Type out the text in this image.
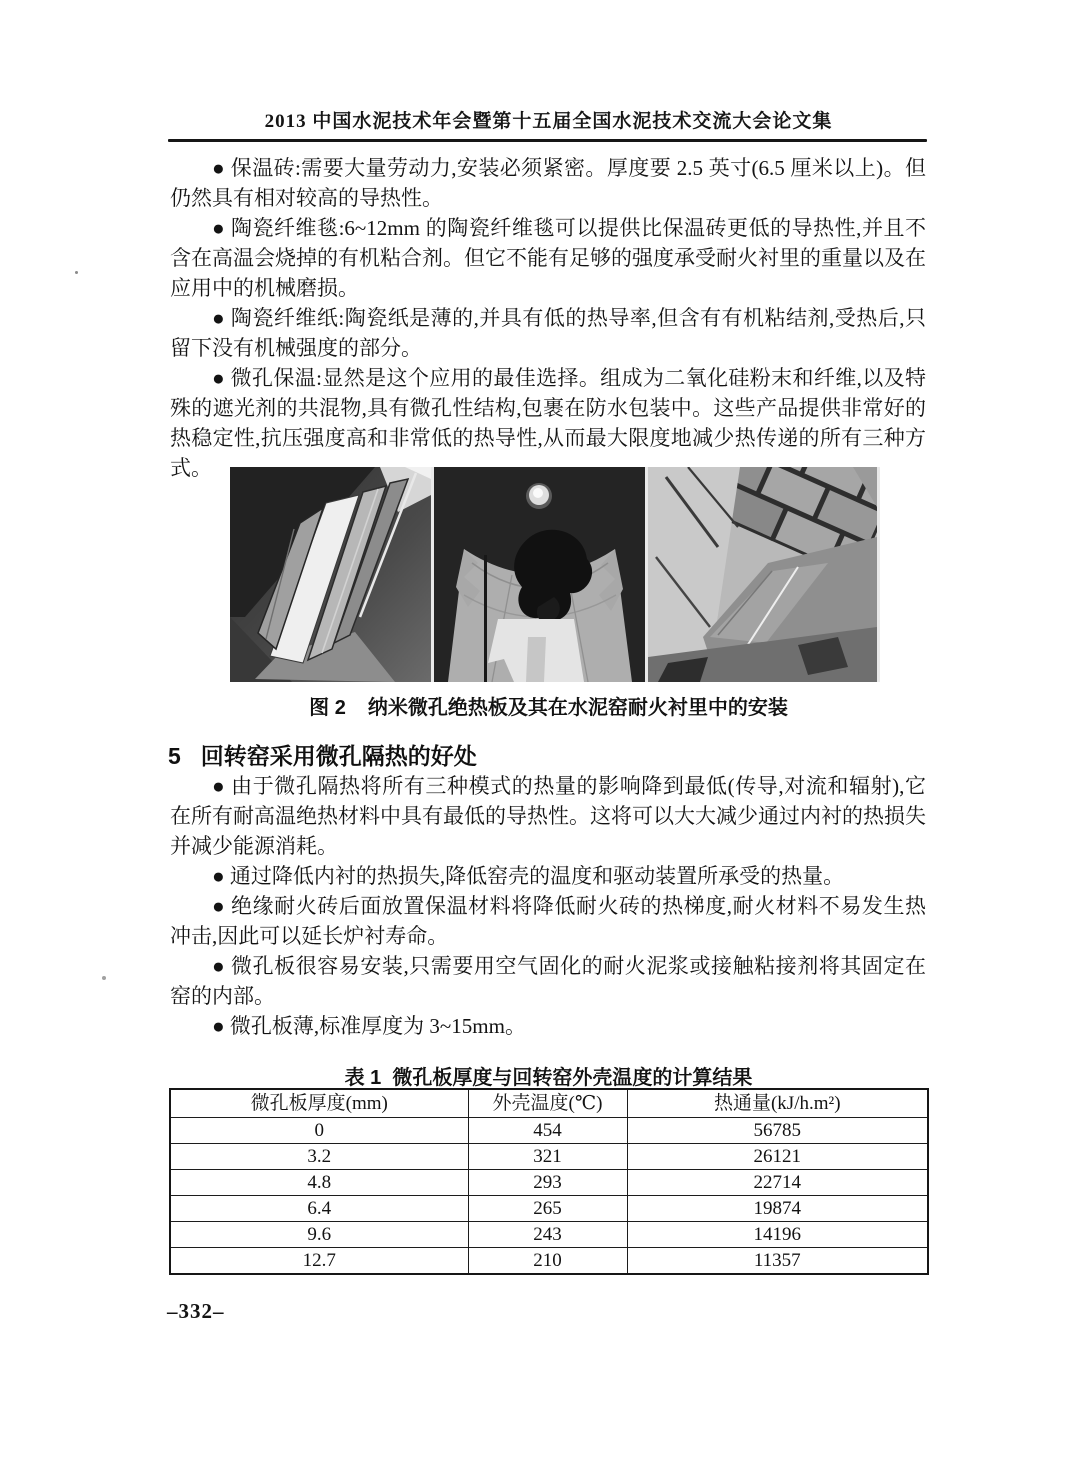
2013 中国水泥技术年会暨第十五届全国水泥技术交流大会论文集

● 保温砖:需要大量劳动力,安装必须紧密。厚度要 2.5 英寸(6.5 厘米以上)。但仍然具有相对较高的导热性。

● 陶瓷纤维毯:6~12mm 的陶瓷纤维毯可以提供比保温砖更低的导热性,并且不含在高温会烧掉的有机粘合剂。但它不能有足够的强度承受耐火衬里的重量以及在应用中的机械磨损。

● 陶瓷纤维纸:陶瓷纸是薄的,并具有低的热导率,但含有有机粘结剂,受热后,只留下没有机械强度的部分。

● 微孔保温:显然是这个应用的最佳选择。组成为二氧化硅粉末和纤维,以及特殊的遮光剂的共混物,具有微孔性结构,包裹在防水包装中。这些产品提供非常好的热稳定性,抗压强度高和非常低的热导性,从而最大限度地减少热传递的所有三种方式。

图 2 纳米微孔绝热板及其在水泥窑耐火衬里中的安装
5 回转窑采用微孔隔热的好处

● 由于微孔隔热将所有三种模式的热量的影响降到最低(传导,对流和辐射),它在所有耐高温绝热材料中具有最低的导热性。这将可以大大减少通过内衬的热损失并减少能源消耗。

● 通过降低内衬的热损失,降低窑壳的温度和驱动装置所承受的热量。

● 绝缘耐火砖后面放置保温材料将降低耐火砖的热梯度,耐火材料不易发生热冲击,因此可以延长炉衬寿命。

● 微孔板很容易安装,只需要用空气固化的耐火泥浆或接触粘接剂将其固定在窑的内部。

● 微孔板薄,标准厚度为 3~15mm。

表 1 微孔板厚度与回转窑外壳温度的计算结果
微孔板厚度(mm)	外壳温度(℃)	热通量(kJ/h.m²)
0	454	56785
3.2	321	26121
4.8	293	22714
6.4	265	19874
9.6	243	14196
12.7	210	11357
–332–
